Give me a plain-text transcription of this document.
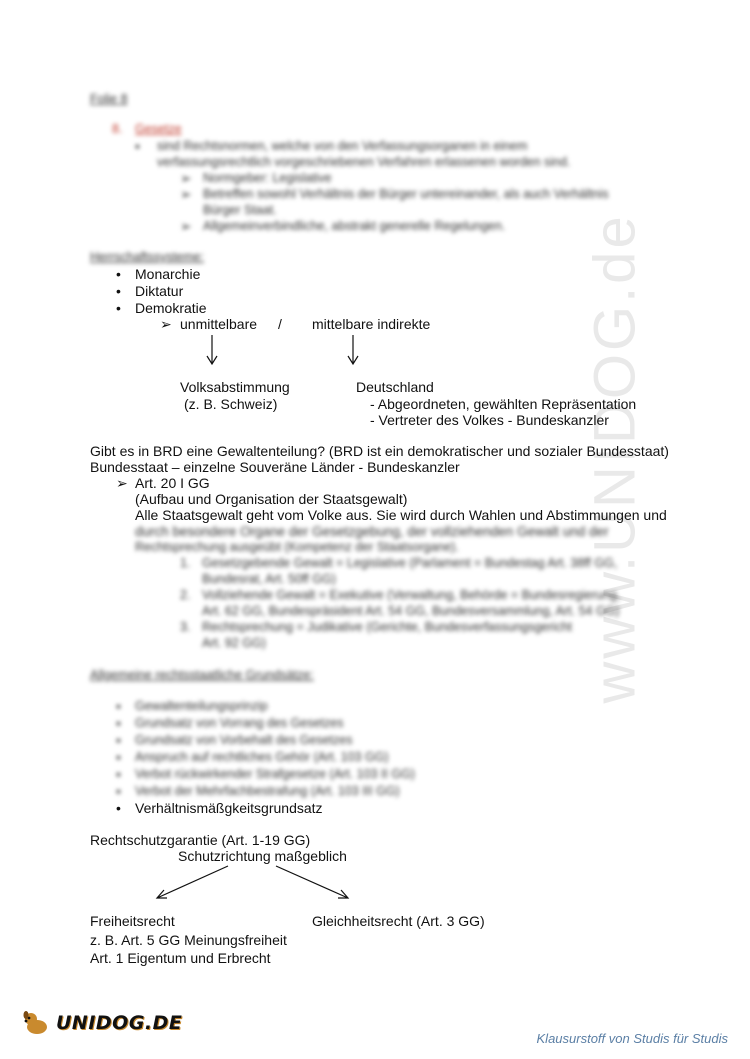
www.UNIDOG.de
Folie 8
8. Gesetze
• sind Rechtsnormen, welche von den Verfassungsorganen in einem
verfassungsrechtlich vorgeschriebenen Verfahren erlassenen worden sind.
➢ Normgeber: Legislative
➢ Betreffen sowohl Verhältnis der Bürger untereinander, als auch Verhältnis
Bürger Staat.
➢ Allgemeinverbindliche, abstrakt generelle Regelungen.
Herrschaftssysteme:
• Monarchie
• Diktatur
• Demokratie
➢ unmittelbare / mittelbare indirekte
Volksabstimmung
(z. B. Schweiz)
Deutschland
- Abgeordneten, gewählten Repräsentation
- Vertreter des Volkes - Bundeskanzler
Gibt es in BRD eine Gewaltenteilung? (BRD ist ein demokratischer und sozialer Bundesstaat)
Bundesstaat – einzelne Souveräne Länder - Bundeskanzler
➢ Art. 20 I GG
(Aufbau und Organisation der Staatsgewalt)
Alle Staatsgewalt geht vom Volke aus. Sie wird durch Wahlen und Abstimmungen und
durch besondere Organe der Gesetzgebung, der vollziehenden Gewalt und der
Rechtsprechung ausgeübt (Kompetenz der Staatsorgane).
1. Gesetzgebende Gewalt = Legislative (Parlament = Bundestag Art. 38ff GG,
Bundesrat, Art. 50ff GG)
2. Vollziehende Gewalt = Exekutive (Verwaltung, Behörde = Bundesregierung,
Art. 62 GG, Bundespräsident Art. 54 GG, Bundesversammlung, Art. 54 GG)
3. Rechtsprechung = Judikative (Gerichte, Bundesverfassungsgericht
Art. 92 GG)
Allgemeine rechtsstaatliche Grundsätze:
• Gewaltenteilungsprinzip
• Grundsatz von Vorrang des Gesetzes
• Grundsatz von Vorbehalt des Gesetzes
• Anspruch auf rechtliches Gehör (Art. 103 GG)
• Verbot rückwirkender Strafgesetze (Art. 103 II GG)
• Verbot der Mehrfachbestrafung (Art. 103 III GG)
• Verhältnismäßgkeitsgrundsatz
Rechtschutzgarantie (Art. 1-19 GG)
Schutzrichtung maßgeblich
Freiheitsrecht	Gleichheitsrecht (Art. 3 GG)
z. B. Art. 5 GG Meinungsfreiheit
Art. 1 Eigentum und Erbrecht
UNIDOG.DE
Klausurstoff von Studis für Studis
